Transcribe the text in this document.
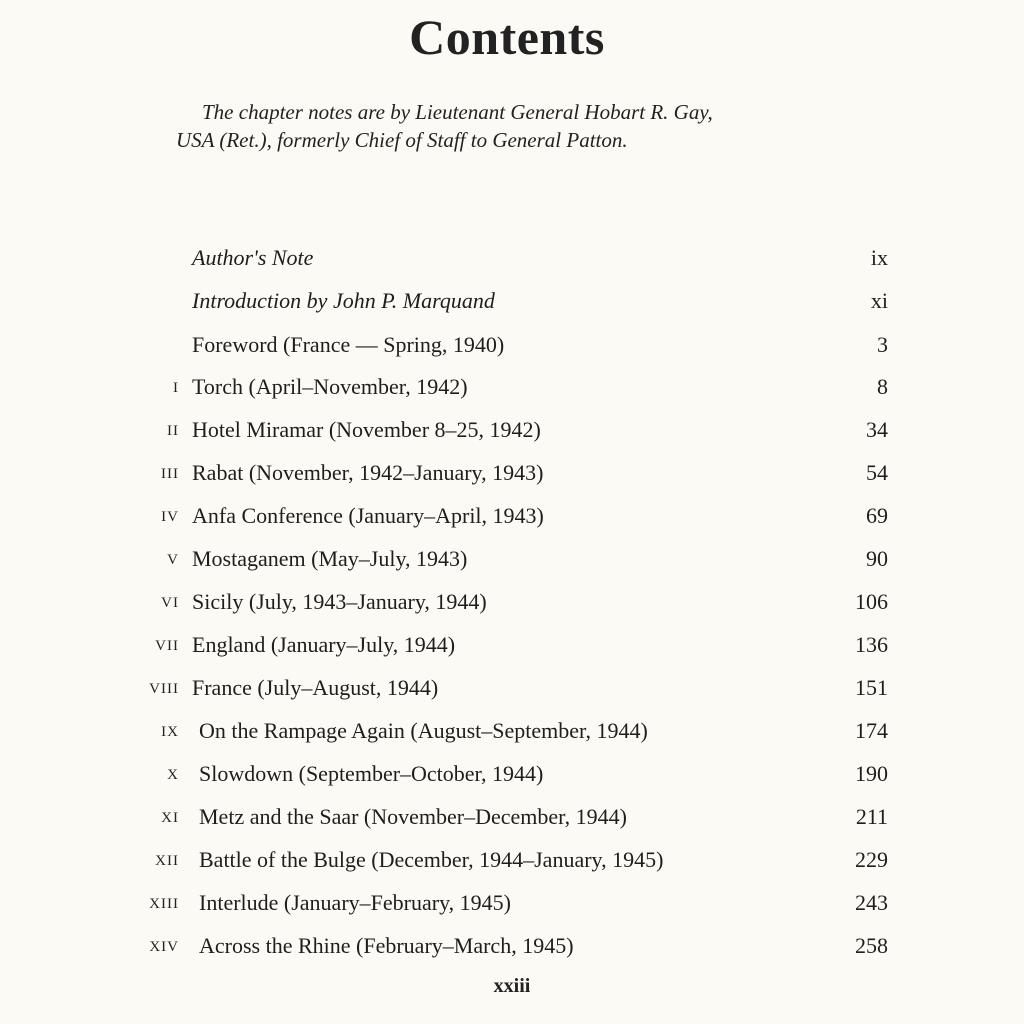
Contents
The chapter notes are by Lieutenant General Hobart R. Gay,
USA (Ret.), formerly Chief of Staff to General Patton.
Author's Note	ix
Introduction by John P. Marquand	xi
Foreword (France — Spring, 1940)	3
I Torch (April–November, 1942)	8
II Hotel Miramar (November 8–25, 1942)	34
III Rabat (November, 1942–January, 1943)	54
IV Anfa Conference (January–April, 1943)	69
V Mostaganem (May–July, 1943)	90
VI Sicily (July, 1943–January, 1944)	106
VII England (January–July, 1944)	136
VIII France (July–August, 1944)	151
IX On the Rampage Again (August–September, 1944)	174
X Slowdown (September–October, 1944)	190
XI Metz and the Saar (November–December, 1944)	211
XII Battle of the Bulge (December, 1944–January, 1945)	229
XIII Interlude (January–February, 1945)	243
XIV Across the Rhine (February–March, 1945)	258
xxiii
